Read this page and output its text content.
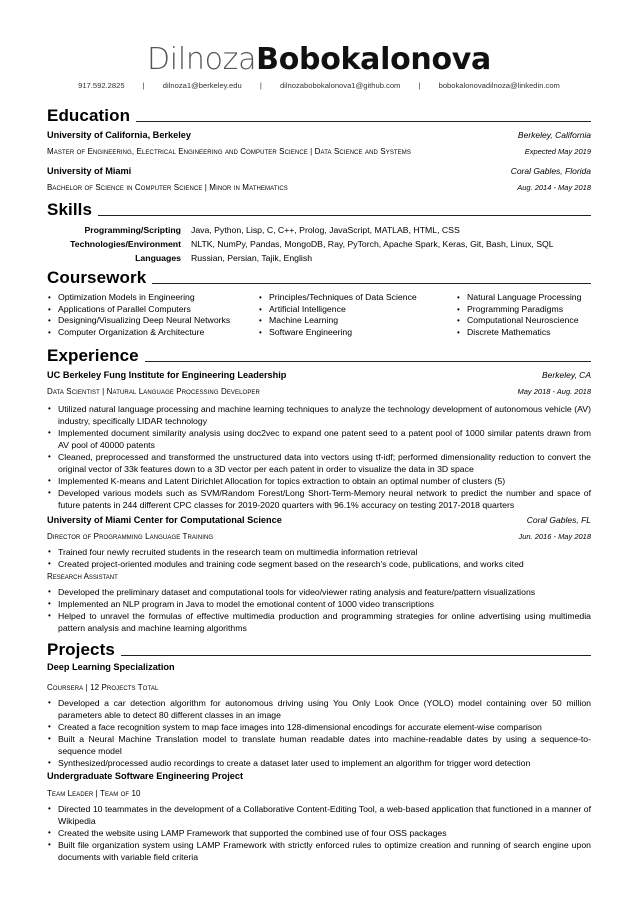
DilnozaBobokalonova
917.592.2825 | dilnoza1@berkeley.edu | dilnozabobokalonova1@github.com | bobokalonovadilnoza@linkedin.com
Education
University of California, Berkeley	Berkeley, California
Master of Engineering, Electrical Engineering and Computer Science | Data Science and Systems	Expected May 2019
University of Miami	Coral Gables, Florida
Bachelor of Science in Computer Science | Minor in Mathematics	Aug. 2014 - May 2018
Skills
Programming/Scripting Java, Python, Lisp, C, C++, Prolog, JavaScript, MATLAB, HTML, CSS
Technologies/Environment NLTK, NumPy, Pandas, MongoDB, Ray, PyTorch, Apache Spark, Keras, Git, Bash, Linux, SQL
Languages Russian, Persian, Tajik, English
Coursework
• Optimization Models in Engineering
• Applications of Parallel Computers
• Designing/Visualizing Deep Neural Networks
• Computer Organization & Architecture
• Principles/Techniques of Data Science
• Artificial Intelligence
• Machine Learning
• Software Engineering
• Natural Language Processing
• Programming Paradigms
• Computational Neuroscience
• Discrete Mathematics
Experience
UC Berkeley Fung Institute for Engineering Leadership	Berkeley, CA
Data Scientist | Natural Language Processing Developer	May 2018 - Aug. 2018
• Utilized natural language processing and machine learning techniques to analyze the technology development of autonomous vehicle (AV) industry, specifically LIDAR technology
• Implemented document similarity analysis using doc2vec to expand one patent seed to a patent pool of 1000 similar patents drawn from AV pool of 40000 patents
• Cleaned, preprocessed and transformed the unstructured data into vectors using tf-idf; performed dimensionality reduction to convert the original vector of 33k features down to a 3D vector per each patent in order to visualize the data in 3D space
• Implemented K-means and Latent Dirichlet Allocation for topics extraction to obtain an optimal number of clusters (5)
• Developed various models such as SVM/Random Forest/Long Short-Term-Memory neural network to predict the number and space of future patents in 244 different CPC classes for 2019-2020 quarters with 96.1% accuracy on testing 2017-2018 quarters
University of Miami Center for Computational Science	Coral Gables, FL
Director of Programming Language Training	Jun. 2016 - May 2018
• Trained four newly recruited students in the research team on multimedia information retrieval
• Created project-oriented modules and training code segment based on the research's code, publications, and works cited
Research Assistant
• Developed the preliminary dataset and computational tools for video/viewer rating analysis and feature/pattern visualizations
• Implemented an NLP program in Java to model the emotional content of 1000 video transcriptions
• Helped to unravel the formulas of effective multimedia production and programming strategies for online advertising using multimedia pattern analysis and machine learning algorithms
Projects
Deep Learning Specialization
Coursera | 12 Projects Total
• Developed a car detection algorithm for autonomous driving using You Only Look Once (YOLO) model containing over 50 million parameters able to detect 80 different classes in an image
• Created a face recognition system to map face images into 128-dimensional encodings for accurate element-wise comparison
• Built a Neural Machine Translation model to translate human readable dates into machine-readable dates by using a sequence-to-sequence model
• Synthesized/processed audio recordings to create a dataset later used to implement an algorithm for trigger word detection
Undergraduate Software Engineering Project
Team Leader | Team of 10
• Directed 10 teammates in the development of a Collaborative Content-Editing Tool, a web-based application that functioned in a manner of Wikipedia
• Created the website using LAMP Framework that supported the combined use of four OSS packages
• Built file organization system using LAMP Framework with strictly enforced rules to optimize creation and running of search engine upon documents with variable field criteria
